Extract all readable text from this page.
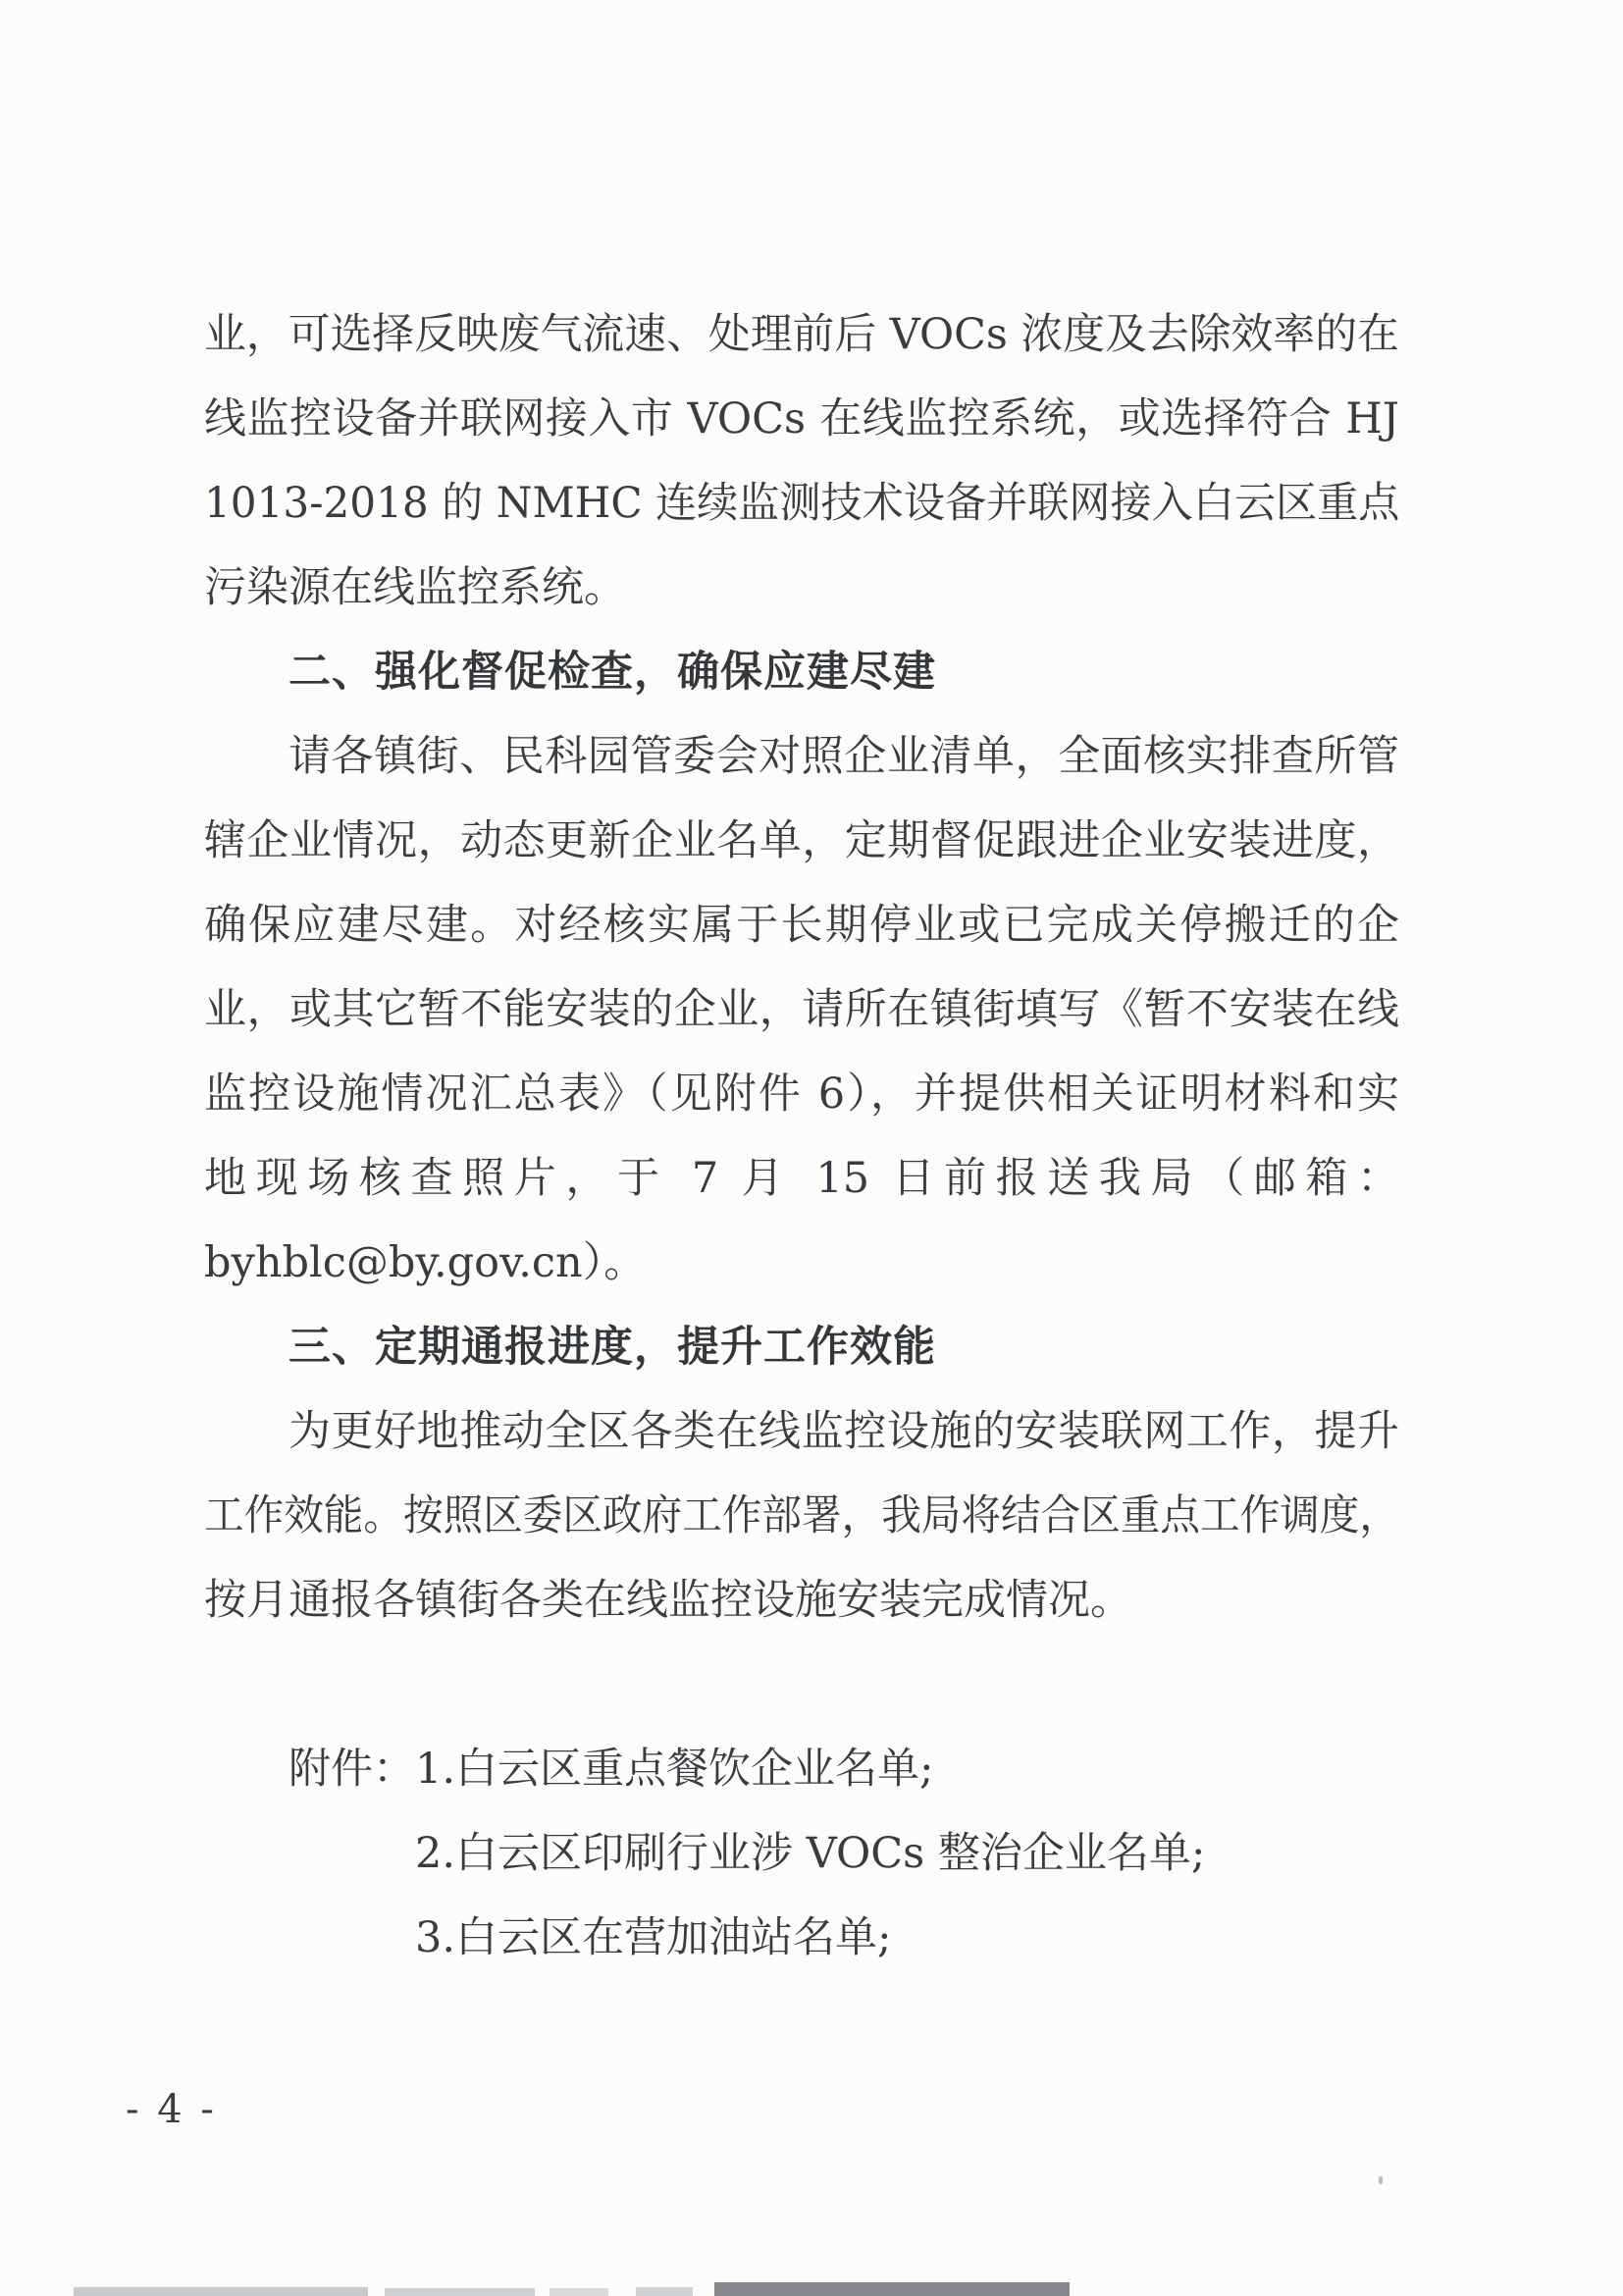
业，可选择反映废气流速、处理前后 VOCs 浓度及去除效率的在
线监控设备并联网接入市 VOCs 在线监控系统，或选择符合 HJ
1013-2018 的 NMHC 连续监测技术设备并联网接入白云区重点
污染源在线监控系统。
二、强化督促检查，确保应建尽建
请各镇街、民科园管委会对照企业清单，全面核实排查所管
辖企业情况，动态更新企业名单，定期督促跟进企业安装进度，
确保应建尽建。对经核实属于长期停业或已完成关停搬迁的企
业，或其它暂不能安装的企业，请所在镇街填写《暂不安装在线
监控设施情况汇总表》（见附件 6），并提供相关证明材料和实
地现场核查照片，于 7 月 15 日前报送我局（邮箱：
byhblc@by.gov.cn）。
三、定期通报进度，提升工作效能
为更好地推动全区各类在线监控设施的安装联网工作，提升
工作效能。按照区委区政府工作部署，我局将结合区重点工作调度，
按月通报各镇街各类在线监控设施安装完成情况。
附件： 1.白云区重点餐饮企业名单;
2.白云区印刷行业涉 VOCs 整治企业名单;
3.白云区在营加油站名单;
- 4 -
